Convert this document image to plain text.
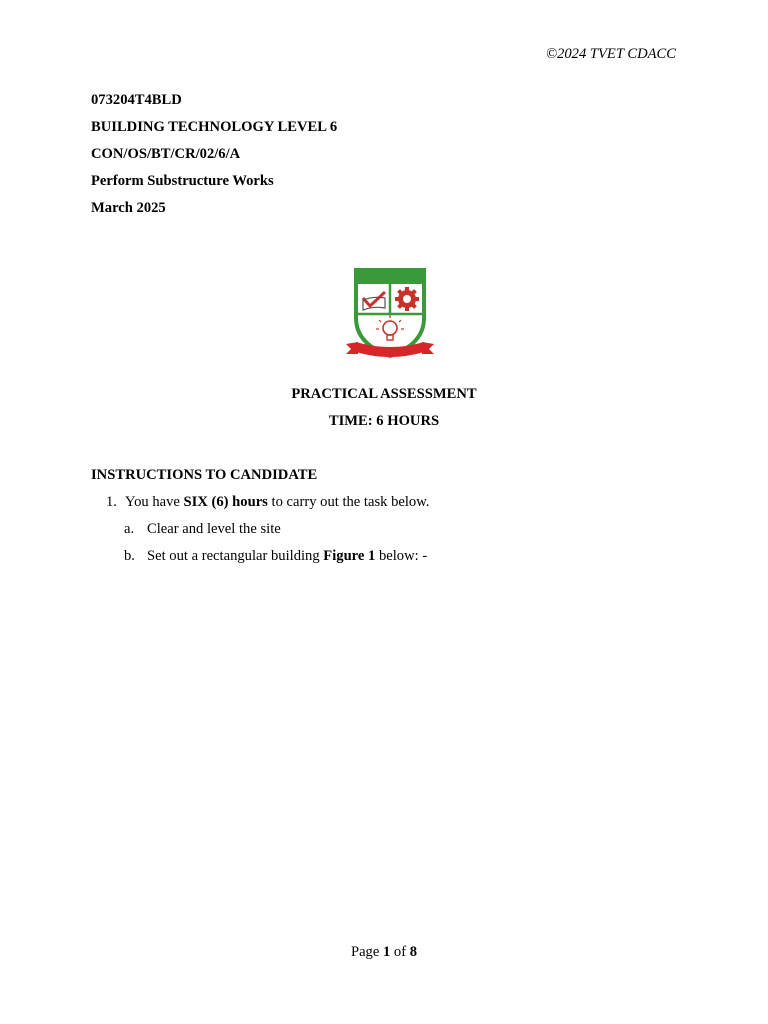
©2024 TVET CDACC
073204T4BLD
BUILDING TECHNOLOGY LEVEL 6
CON/OS/BT/CR/02/6/A
Perform Substructure Works
March 2025
PRACTICAL ASSESSMENT
TIME: 6 HOURS
INSTRUCTIONS TO CANDIDATE
1. You have SIX (6) hours to carry out the task below.
a. Clear and level the site
b. Set out a rectangular building Figure 1 below: -
Page 1 of 8
